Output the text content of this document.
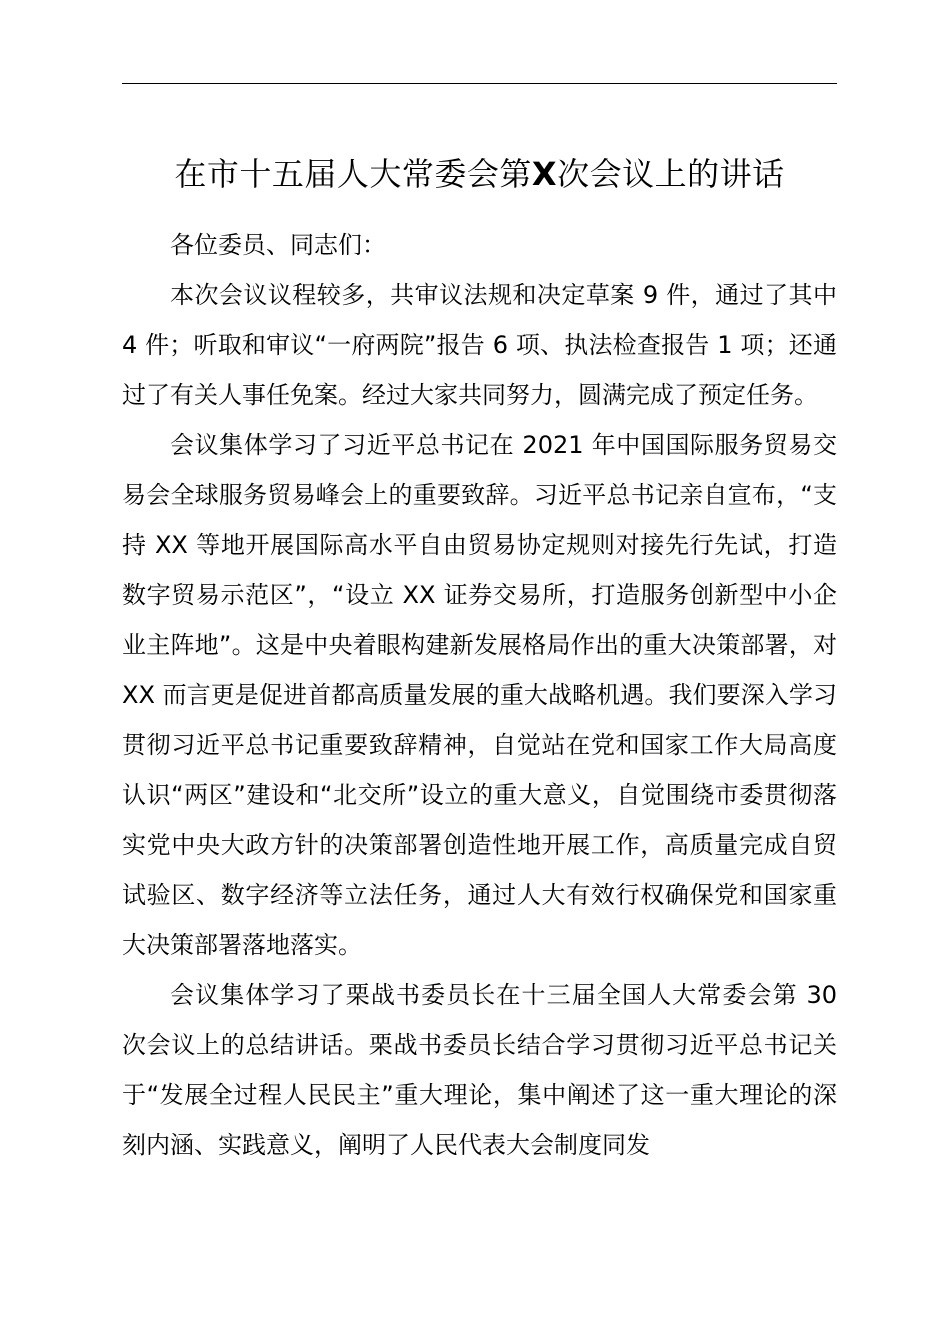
在市十五届人大常委会第X次会议上的讲话

各位委员、同志们：

本次会议议程较多，共审议法规和决定草案 9 件，通过了其中 4 件；听取和审议“一府两院”报告 6 项、执法检查报告 1 项；还通过了有关人事任免案。经过大家共同努力，圆满完成了预定任务。

会议集体学习了习近平总书记在 2021 年中国国际服务贸易交易会全球服务贸易峰会上的重要致辞。习近平总书记亲自宣布，“支持 XX 等地开展国际高水平自由贸易协定规则对接先行先试，打造数字贸易示范区”，“设立 XX 证券交易所，打造服务创新型中小企业主阵地”。这是中央着眼构建新发展格局作出的重大决策部署，对 XX 而言更是促进首都高质量发展的重大战略机遇。我们要深入学习贯彻习近平总书记重要致辞精神，自觉站在党和国家工作大局高度认识“两区”建设和“北交所”设立的重大意义，自觉围绕市委贯彻落实党中央大政方针的决策部署创造性地开展工作，高质量完成自贸试验区、数字经济等立法任务，通过人大有效行权确保党和国家重大决策部署落地落实。

会议集体学习了栗战书委员长在十三届全国人大常委会第 30 次会议上的总结讲话。栗战书委员长结合学习贯彻习近平总书记关于“发展全过程人民民主”重大理论，集中阐述了这一重大理论的深刻内涵、实践意义，阐明了人民代表大会制度同发
